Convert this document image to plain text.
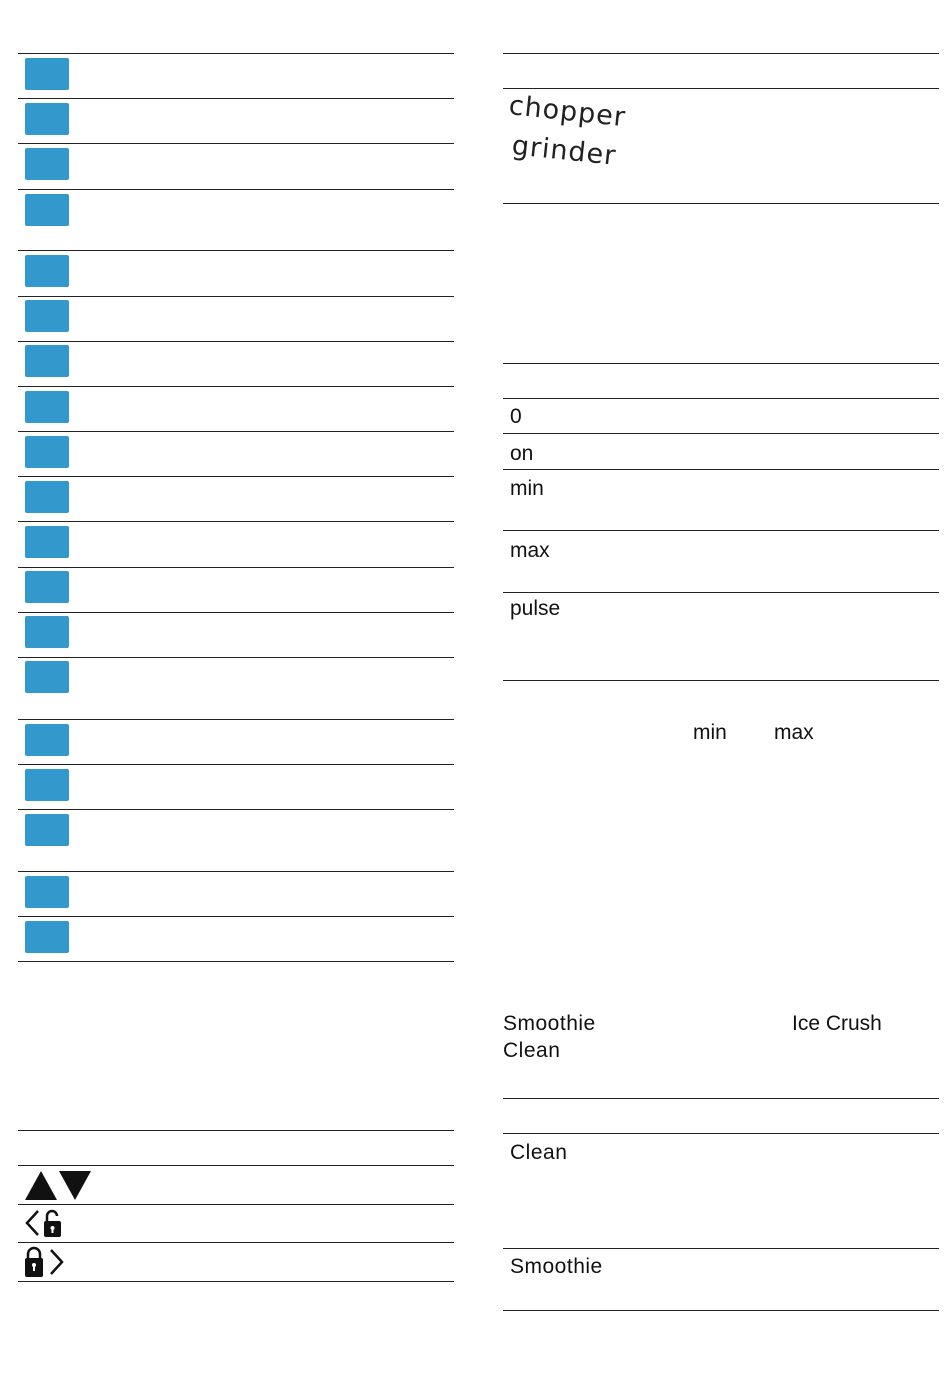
chopper
grinder
0
on
min
max
pulse
min max
Smoothie	Ice Crush
Clean
Clean
Smoothie
